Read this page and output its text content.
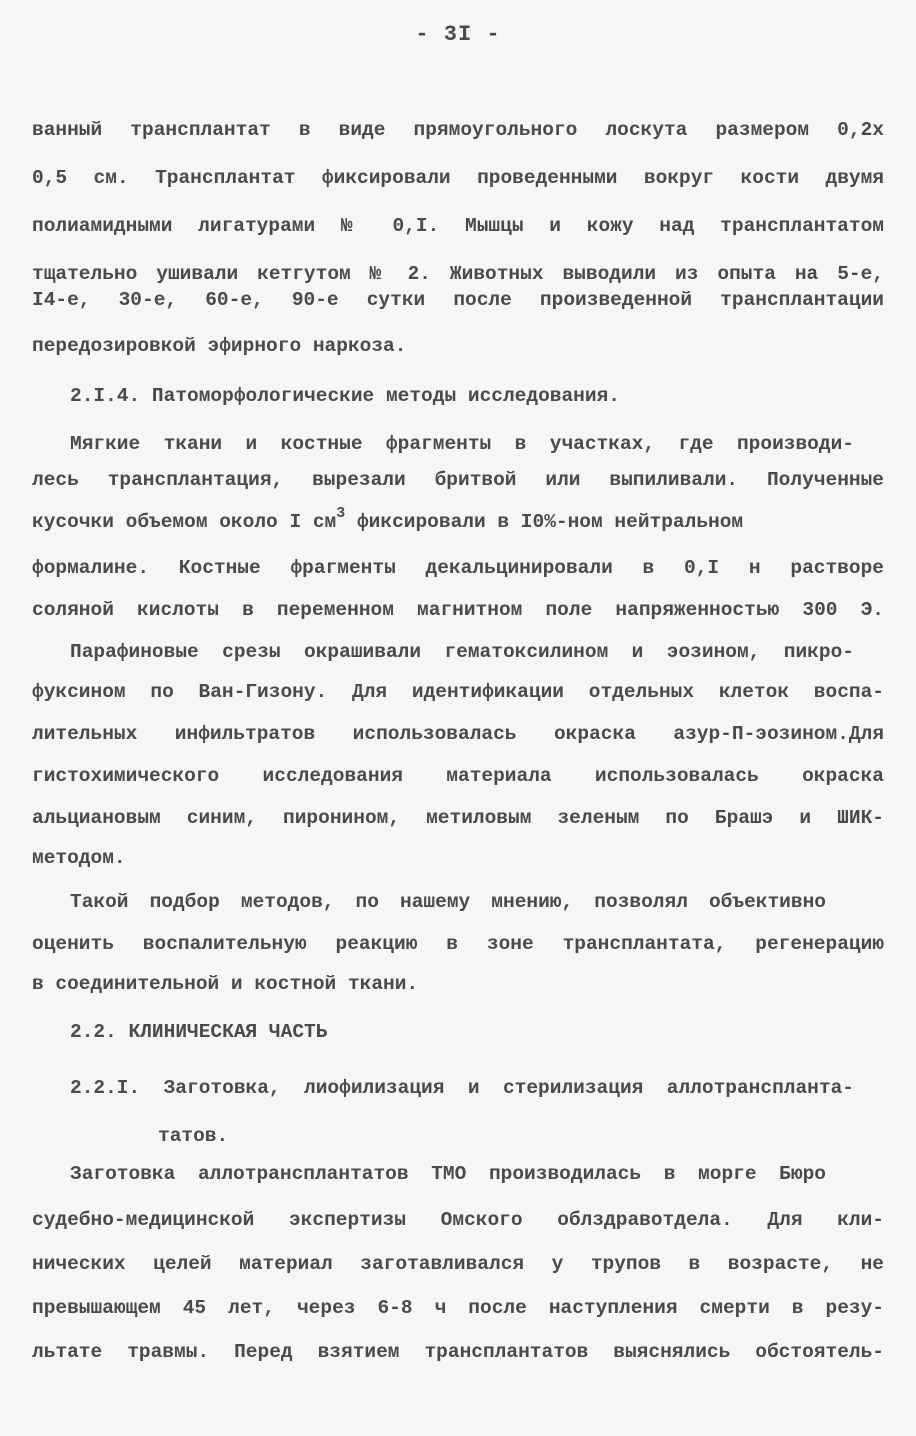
- 3I -
ванный трансплантат в виде прямоугольного лоскута размером 0,2х
0,5 см. Трансплантат фиксировали проведенными вокруг кости двумя
полиамидными лигатурами № 0,I. Мышцы и кожу над трансплантатом
тщательно ушивали кетгутом № 2. Животных выводили из опыта на 5-е,
I4-е, 30-е, 60-е, 90-е сутки после произведенной трансплантации
передозировкой эфирного наркоза.
2.I.4. Патоморфологические методы исследования.
Мягкие ткани и костные фрагменты в участках, где производи-
лесь трансплантация, вырезали бритвой или выпиливали. Полученные
кусочки объемом около I $см^3$ фиксировали в I0%-ном нейтральном
формалине. Костные фрагменты декальцинировали в 0,I н растворе
соляной кислоты в переменном магнитном поле напряженностью 300 Э.
Парафиновые срезы окрашивали гематоксилином и эозином, пикро-
фуксином по Ван-Гизону. Для идентификации отдельных клеток воспа-
лительных инфильтратов использовалась окраска азур-П-эозином.Для
гистохимического исследования материала использовалась окраска
альциановым синим, пиронином, метиловым зеленым по Брашэ и ШИК-
методом.
Такой подбор методов, по нашему мнению, позволял объективно
оценить воспалительную реакцию в зоне трансплантата, регенерацию
в соединительной и костной ткани.
2.2. КЛИНИЧЕСКАЯ ЧАСТЬ
2.2.I. Заготовка, лиофилизация и стерилизация аллотранспланта-
татов.
Заготовка аллотрансплантатов ТМО производилась в морге Бюро
судебно-медицинской экспертизы Омского облздравотдела. Для кли-
нических целей материал заготавливался у трупов в возрасте, не
превышающем 45 лет, через 6-8 ч после наступления смерти в резу-
льтате травмы. Перед взятием трансплантатов выяснялись обстоятель-
